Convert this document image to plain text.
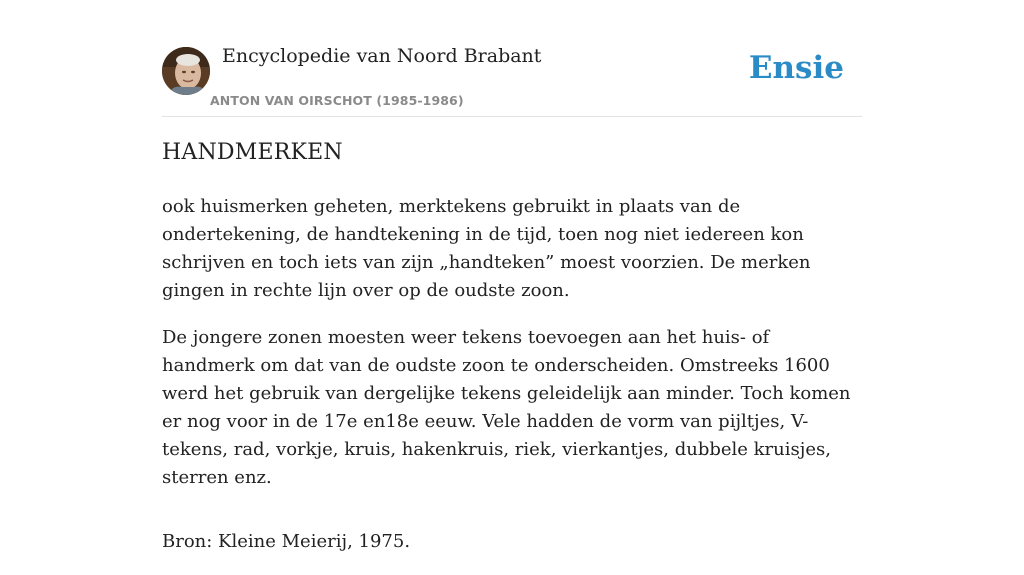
Encyclopedie van Noord Brabant
ANTON VAN OIRSCHOT (1985-1986)
Ensie
HANDMERKEN

ook huismerken geheten, merktekens gebruikt in plaats van de ondertekening, de handtekening in de tijd, toen nog niet iedereen kon schrijven en toch iets van zijn „handteken” moest voorzien. De merken gingen in rechte lijn over op de oudste zoon.

De jongere zonen moesten weer tekens toevoegen aan het huis- of handmerk om dat van de oudste zoon te onderscheiden. Omstreeks 1600 werd het gebruik van dergelijke tekens geleidelijk aan minder. Toch komen er nog voor in de 17e en18e eeuw. Vele hadden de vorm van pijltjes, V-tekens, rad, vorkje, kruis, hakenkruis, riek, vierkantjes, dubbele kruisjes, sterren enz.

Bron: Kleine Meierij, 1975.
